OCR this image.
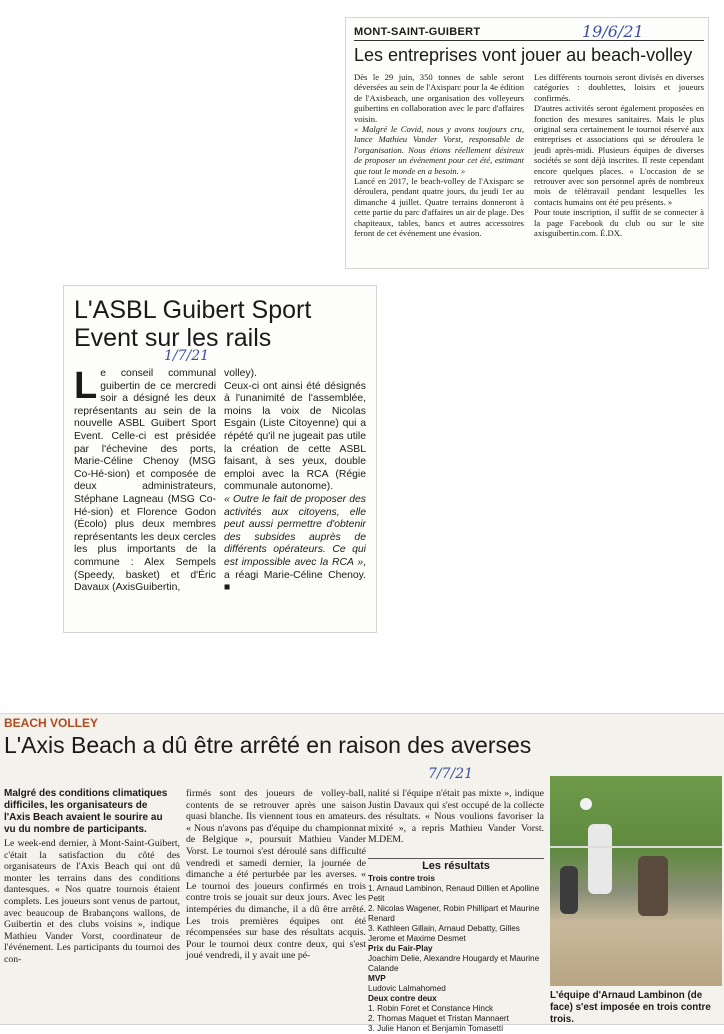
MONT-SAINT-GUIBERT	19/6/21
Les entreprises vont jouer au beach-volley

Dès le 29 juin, 350 tonnes de sable seront déversées au sein de l'Axisparc pour la 4e édition de l'Axisbeach, une organisation des volleyeurs guibertins en collaboration avec le parc d'affaires voisin.

« Malgré le Covid, nous y avons toujours cru, lance Mathieu Vander Vorst, responsable de l'organisation. Nous étions réellement désireux de proposer un événement pour cet été, estimant que tout le monde en a besoin. »

Lancé en 2017, le beach-volley de l'Axisparc se déroulera, pendant quatre jours, du jeudi 1er au dimanche 4 juillet. Quatre terrains donneront à cette partie du parc d'affaires un air de plage. Des chapiteaux, tables, bancs et autres accessoires feront de cet événement une évasion.

Les différents tournois seront divisés en diverses catégories : doublettes, loisirs et joueurs confirmés.

D'autres activités seront également proposées en fonction des mesures sanitaires. Mais le plus original sera certainement le tournoi réservé aux entreprises et associations qui se déroulera le jeudi après-midi. Plusieurs équipes de diverses sociétés se sont déjà inscrites. Il reste cependant encore quelques places. « L'occasion de se retrouver avec son personnel après de nombreux mois de télétravail pendant lesquelles les contacts humains ont été peu présents. »

Pour toute inscription, il suffit de se connecter à la page Facebook du club ou sur le site axisguibertin.com. É.DX.

L'ASBL Guibert Sport Event sur les rails
1/7/21
L e conseil communal guibertin de ce mercredi soir a désigné les deux représentants au sein de la nouvelle ASBL Guibert Sport Event. Celle-ci est présidée par l'échevine des ports, Marie-Céline Chenoy (MSG Co-Hé-sion) et composée de deux administrateurs, Stéphane Lagneau (MSG Co-Hé-sion) et Florence Godon (Écolo) plus deux membres représentants les deux cercles les plus importants de la commune : Alex Sempels (Speedy, basket) et d'Éric Davaux (AxisGuibertin,

volley).

Ceux-ci ont ainsi été désignés à l'unanimité de l'assemblée, moins la voix de Nicolas Esgain (Liste Citoyenne) qui a répété qu'il ne jugeait pas utile la création de cette ASBL faisant, à ses yeux, double emploi avec la RCA (Régie communale autonome).

« Outre le fait de proposer des activités aux citoyens, elle peut aussi permettre d'obtenir des subsides auprès de différents opérateurs. Ce qui est impossible avec la RCA », a réagi Marie-Céline Chenoy. ■

BEACH VOLLEY
L'Axis Beach a dû être arrêté en raison des averses
7/7/21
Malgré des conditions climatiques difficiles, les organisateurs de l'Axis Beach avaient le sourire au vu du nombre de participants.
Le week-end dernier, à Mont-Saint-Guibert, c'était la satisfaction du côté des organisateurs de l'Axis Beach qui ont dû monter les terrains dans des conditions dantesques. « Nos quatre tournois étaient complets. Les joueurs sont venus de partout, avec beaucoup de Brabançons wallons, de Guibertin et des clubs voisins », indique Mathieu Vander Vorst, coordinateur de l'événement. Les participants du tournoi des con-
firmés sont des joueurs de volley-ball, contents de se retrouver après une saison quasi blanche. Ils viennent tous en amateurs. « Nous n'avons pas d'équipe du championnat de Belgique », poursuit Mathieu Vander Vorst. Le tournoi s'est déroulé sans difficulté vendredi et samedi dernier, la journée de dimanche a été perturbée par les averses. « Le tournoi des joueurs confirmés en trois contre trois se jouait sur deux jours. Avec les intempéries du dimanche, il a dû être arrêté. Les trois premières équipes ont été récompensées sur base des résultats acquis. Pour le tournoi deux contre deux, qui s'est joué vendredi, il y avait une pé-
nalité si l'équipe n'était pas mixte », indique Justin Davaux qui s'est occupé de la collecte des résultats. « Nous voulions favoriser la mixité », a repris Mathieu Vander Vorst. M.DEM.
Les résultats
Trois contre trois
1. Arnaud Lambinon, Renaud Dillien et Apolline Petit
2. Nicolas Wagener, Robin Phillipart et Maurine Renard
3. Kathleen Gillain, Arnaud Debatty, Gilles Jerome et Maxime Desmet
Prix du Fair-Play
Joachim Delie, Alexandre Hougardy et Maurine Calande
MVP
Ludovic Lalmahomed
Deux contre deux
1. Robin Foret et Constance Hinck
2. Thomas Maquet et Tristan Mannaert
3. Julie Hanon et Benjamin Tomasetti
© EDA
L'équipe d'Arnaud Lambinon (de face) s'est imposée en trois contre trois.
